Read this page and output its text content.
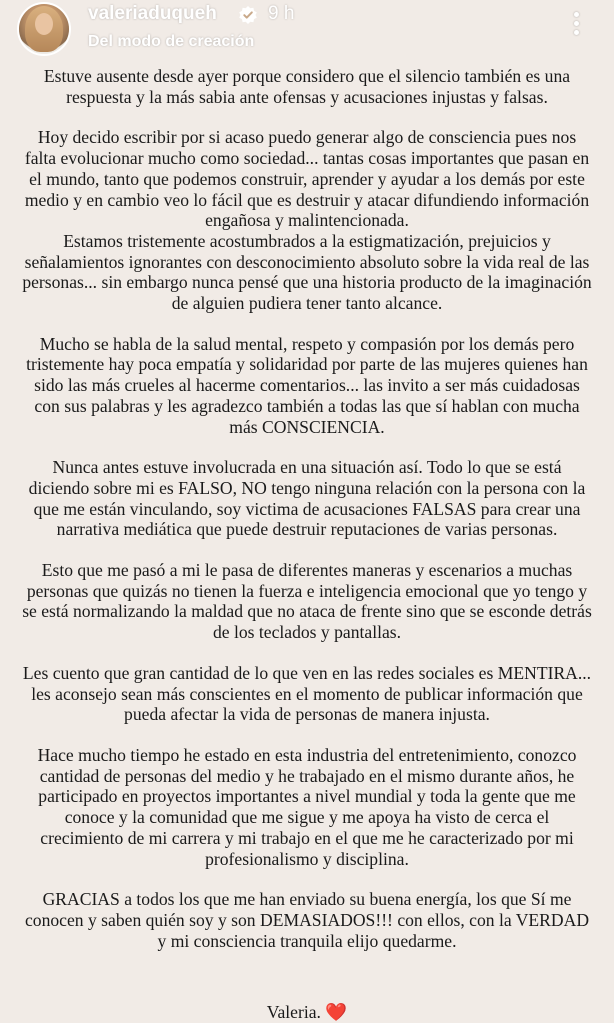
valeriaduqueh	9 h
Del modo de creación

Estuve ausente desde ayer porque considero que el silencio también es una respuesta y la más sabia ante ofensas y acusaciones injustas y falsas.

Hoy decido escribir por si acaso puedo generar algo de consciencia pues nos falta evolucionar mucho como sociedad... tantas cosas importantes que pasan en el mundo, tanto que podemos construir, aprender y ayudar a los demás por este medio y en cambio veo lo fácil que es destruir y atacar difundiendo información engañosa y malintencionada.

Estamos tristemente acostumbrados a la estigmatización, prejuicios y señalamientos ignorantes con desconocimiento absoluto sobre la vida real de las personas... sin embargo nunca pensé que una historia producto de la imaginación de alguien pudiera tener tanto alcance.

Mucho se habla de la salud mental, respeto y compasión por los demás pero tristemente hay poca empatía y solidaridad por parte de las mujeres quienes han sido las más crueles al hacerme comentarios... las invito a ser más cuidadosas con sus palabras y les agradezco también a todas las que sí hablan con mucha más CONSCIENCIA.

Nunca antes estuve involucrada en una situación así. Todo lo que se está diciendo sobre mi es FALSO, NO tengo ninguna relación con la persona con la que me están vinculando, soy victima de acusaciones FALSAS para crear una narrativa mediática que puede destruir reputaciones de varias personas.

Esto que me pasó a mi le pasa de diferentes maneras y escenarios a muchas personas que quizás no tienen la fuerza e inteligencia emocional que yo tengo y se está normalizando la maldad que no ataca de frente sino que se esconde detrás de los teclados y pantallas.

Les cuento que gran cantidad de lo que ven en las redes sociales es MENTIRA... les aconsejo sean más conscientes en el momento de publicar información que pueda afectar la vida de personas de manera injusta.

Hace mucho tiempo he estado en esta industria del entretenimiento, conozco cantidad de personas del medio y he trabajado en el mismo durante años, he participado en proyectos importantes a nivel mundial y toda la gente que me conoce y la comunidad que me sigue y me apoya ha visto de cerca el crecimiento de mi carrera y mi trabajo en el que me he caracterizado por mi profesionalismo y disciplina.

GRACIAS a todos los que me han enviado su buena energía, los que Sí me conocen y saben quién soy y son DEMASIADOS!!! con ellos, con la VERDAD y mi consciencia tranquila elijo quedarme.

Valeria. ❤️
